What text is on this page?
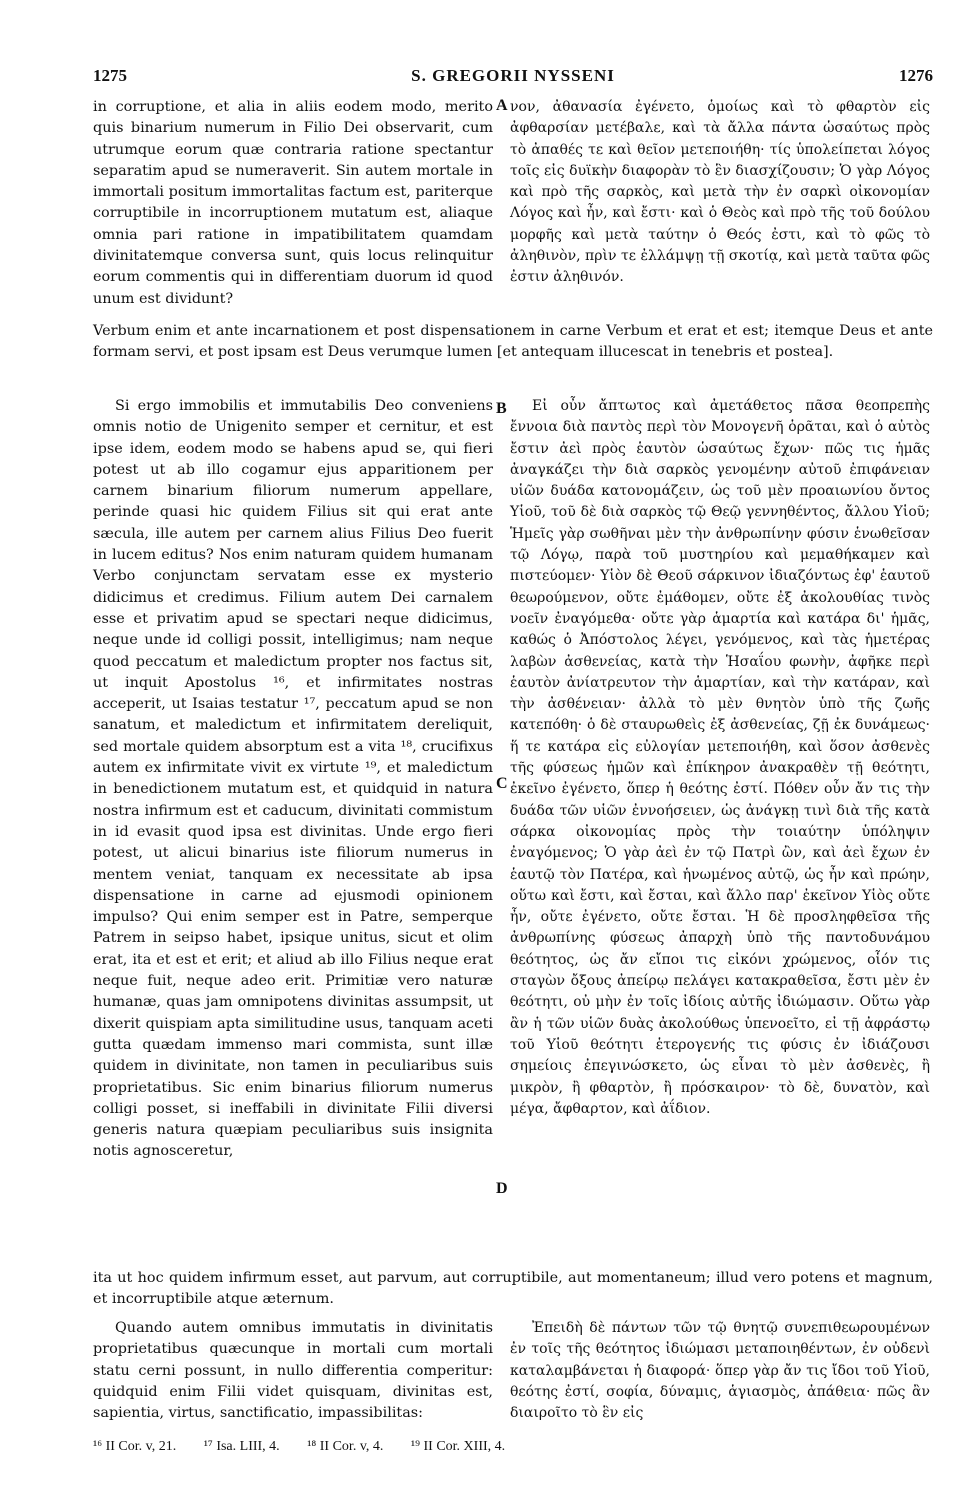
1275	S. GREGORII NYSSENI	1276

in corruptione, et alia in aliis eodem modo, merito quis binarium numerum in Filio Dei observarit, cum utrumque eorum quæ contraria ratione spectantur separatim apud se numeraverit. Sin autem mortale in immortali positum immortalitas factum est, pariterque corruptibile in incorruptionem mutatum est, aliaque omnia pari ratione in impatibilitatem quamdam divinitatemque conversa sunt, quis locus relinquitur eorum commentis qui in differentiam duorum id quod unum est dividunt?

A νον, ἀθανασία ἐγένετο, ὁμοίως καὶ τὸ φθαρτὸν εἰς ἀφθαρσίαν μετέβαλε, καὶ τὰ ἄλλα πάντα ὡσαύτως πρὸς τὸ ἀπαθές τε καὶ θεῖον μετεποιήθη· τίς ὑπολείπεται λόγος τοῖς εἰς δυϊκὴν διαφορὰν τὸ ἓν διασχίζουσιν; Ὁ γὰρ Λόγος καὶ πρὸ τῆς σαρκὸς, καὶ μετὰ τὴν ἐν σαρκὶ οἰκονομίαν Λόγος καὶ ἦν, καὶ ἔστι· καὶ ὁ Θεὸς καὶ πρὸ τῆς τοῦ δούλου μορφῆς καὶ μετὰ ταύτην ὁ Θεός ἐστι, καὶ τὸ φῶς τὸ ἀληθινὸν, πρὶν τε ἐλλάμψῃ τῇ σκοτίᾳ, καὶ μετὰ ταῦτα φῶς ἐστιν ἀληθινόν.

Verbum enim et ante incarnationem et post dispensationem in carne Verbum et erat et est; itemque Deus et ante formam servi, et post ipsam est Deus verumque lumen [et antequam illucescat in tenebris et postea].

Si ergo immobilis et immutabilis Deo conveniens omnis notio de Unigenito semper et cernitur, et est ipse idem, eodem modo se habens apud se, qui fieri potest ut ab illo cogamur ejus apparitionem per carnem binarium filiorum numerum appellare, perinde quasi hic quidem Filius sit qui erat ante sæcula, ille autem per carnem alius Filius Deo fuerit in lucem editus? Nos enim naturam quidem humanam Verbo conjunctam servatam esse ex mysterio didicimus et credimus. Filium autem Dei carnalem esse et privatim apud se spectari neque didicimus, neque unde id colligi possit, intelligimus; nam neque quod peccatum et maledictum propter nos factus sit, ut inquit Apostolus ¹⁶, et infirmitates nostras acceperit, ut Isaias testatur ¹⁷, peccatum apud se non sanatum, et maledictum et infirmitatem dereliquit, sed mortale quidem absorptum est a vita ¹⁸, crucifixus autem ex infirmitate vivit ex virtute ¹⁹, et maledictum in benedictionem mutatum est, et quidquid in natura nostra infirmum est et caducum, divinitati commistum in id evasit quod ipsa est divinitas. Unde ergo fieri potest, ut alicui binarius iste filiorum numerus in mentem veniat, tanquam ex necessitate ab ipsa dispensatione in carne ad ejusmodi opinionem impulso? Qui enim semper est in Patre, semperque Patrem in seipso habet, ipsique unitus, sicut et olim erat, ita et est et erit; et aliud ab illo Filius neque erat neque fuit, neque adeo erit. Primitiæ vero naturæ humanæ, quas jam omnipotens divinitas assumpsit, ut dixerit quispiam apta similitudine usus, tanquam aceti gutta quædam immenso mari commista, sunt illæ quidem in divinitate, non tamen in peculiaribus suis proprietatibus. Sic enim binarius filiorum numerus colligi posset, si ineffabili in divinitate Filii diversi generis natura quæpiam peculiaribus suis insignita notis agnosceretur,

B
C
D

Εἰ οὖν ἄπτωτος καὶ ἀμετάθετος πᾶσα θεοπρεπὴς ἔννοια διὰ παντὸς περὶ τὸν Μονογενῆ ὁρᾶται, καὶ ὁ αὐτὸς ἔστιν ἀεὶ πρὸς ἑαυτὸν ὡσαύτως ἔχων· πῶς τις ἡμᾶς ἀναγκάζει τὴν διὰ σαρκὸς γενομένην αὐτοῦ ἐπιφάνειαν υἱῶν δυάδα κατονομάζειν, ὡς τοῦ μὲν προαιωνίου ὄντος Υἱοῦ, τοῦ δὲ διὰ σαρκὸς τῷ Θεῷ γεννηθέντος, ἄλλου Υἱοῦ; Ἡμεῖς γὰρ σωθῆναι μὲν τὴν ἀνθρωπίνην φύσιν ἑνωθεῖσαν τῷ Λόγῳ, παρὰ τοῦ μυστηρίου καὶ μεμαθήκαμεν καὶ πιστεύομεν· Υἱὸν δὲ Θεοῦ σάρκινον ἰδιαζόντως ἐφ' ἑαυτοῦ θεωρούμενον, οὔτε ἐμάθομεν, οὔτε ἐξ ἀκολουθίας τινὸς νοεῖν ἐναγόμεθα· οὔτε γὰρ ἁμαρτία καὶ κατάρα δι' ἡμᾶς, καθώς ὁ Ἀπόστολος λέγει, γενόμενος, καὶ τὰς ἡμετέρας λαβὼν ἀσθενείας, κατὰ τὴν Ἡσαΐου φωνὴν, ἀφῆκε περὶ ἑαυτὸν ἀνίατρευτον τὴν ἁμαρτίαν, καὶ τὴν κατάραν, καὶ τὴν ἀσθένειαν· ἀλλὰ τὸ μὲν θνητὸν ὑπὸ τῆς ζωῆς κατεπόθη· ὁ δὲ σταυρωθεὶς ἐξ ἀσθενείας, ζῇ ἐκ δυνάμεως· ἥ τε κατάρα εἰς εὐλογίαν μετεποιήθη, καὶ ὅσον ἀσθενὲς τῆς φύσεως ἡμῶν καὶ ἐπίκηρον ἀνακραθὲν τῇ θεότητι, ἐκεῖνο ἐγένετο, ὅπερ ἡ θεότης ἐστί. Πόθεν οὖν ἄν τις τὴν δυάδα τῶν υἱῶν ἐννοήσειεν, ὡς ἀνάγκῃ τινὶ διὰ τῆς κατὰ σάρκα οἰκονομίας πρὸς τὴν τοιαύτην ὑπόληψιν ἐναγόμενος; Ὁ γὰρ ἀεὶ ἐν τῷ Πατρὶ ὢν, καὶ ἀεὶ ἔχων ἐν ἑαυτῷ τὸν Πατέρα, καὶ ἡνωμένος αὐτῷ, ὡς ἦν καὶ πρώην, οὕτω καὶ ἔστι, καὶ ἔσται, καὶ ἄλλο παρ' ἐκεῖνον Υἱὸς οὔτε ἦν, οὔτε ἐγένετο, οὔτε ἔσται. Ἡ δὲ προσληφθεῖσα τῆς ἀνθρωπίνης φύσεως ἀπαρχὴ ὑπὸ τῆς παντοδυνάμου θεότητος, ὡς ἄν εἴποι τις εἰκόνι χρώμενος, οἷόν τις σταγὼν ὄξους ἀπείρῳ πελάγει κατακραθεῖσα, ἔστι μὲν ἐν θεότητι, οὐ μὴν ἐν τοῖς ἰδίοις αὐτῆς ἰδιώμασιν. Οὕτω γὰρ ἂν ἡ τῶν υἱῶν δυὰς ἀκολούθως ὑπενοεῖτο, εἰ τῇ ἀφράστῳ τοῦ Υἱοῦ θεότητι ἑτερογενής τις φύσις ἐν ἰδιάζουσι σημείοις ἐπεγινώσκετο, ὡς εἶναι τὸ μὲν ἀσθενὲς, ἢ μικρὸν, ἢ φθαρτὸν, ἢ πρόσκαιρον· τὸ δὲ, δυνατὸν, καὶ μέγα, ἄφθαρτον, καὶ ἀΐδιον.

ita ut hoc quidem infirmum esset, aut parvum, aut corruptibile, aut momentaneum; illud vero potens et magnum, et incorruptibile atque æternum.

Quando autem omnibus immutatis in divinitatis proprietatibus quæcunque in mortali cum mortali statu cerni possunt, in nullo differentia comperitur: quidquid enim Filii videt quisquam, divinitas est, sapientia, virtus, sanctificatio, impassibilitas:

Ἐπειδὴ δὲ πάντων τῶν τῷ θνητῷ συνεπιθεωρουμένων ἐν τοῖς τῆς θεότητος ἰδιώμασι μεταποιηθέντων, ἐν οὐδενὶ καταλαμβάνεται ἡ διαφορά· ὅπερ γὰρ ἄν τις ἴδοι τοῦ Υἱοῦ, θεότης ἐστί, σοφία, δύναμις, ἁγιασμὸς, ἀπάθεια· πῶς ἂν διαιροῖτο τὸ ἓν εἰς

¹⁶ II Cor. v, 21. ¹⁷ Isa. LIII, 4. ¹⁸ II Cor. v, 4. ¹⁹ II Cor. XIII, 4.
